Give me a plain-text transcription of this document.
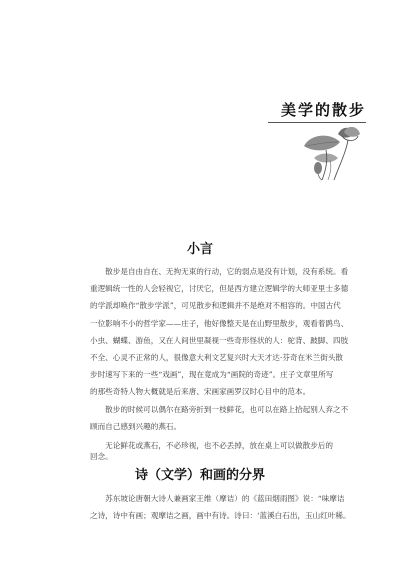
美学的散步
小言
　　散步是自由自在、无拘无束的行动，它的弱点是没有计划，没有系统。看
重逻辑统一性的人会轻视它，讨厌它，但是西方建立逻辑学的大师亚里士多德
的学派却唤作“散步学派”，可见散步和逻辑并不是绝对不相容的。中国古代
一位影响不小的哲学家——庄子，他好像整天是在山野里散步，观看着鹍鸟、
小虫、蝴蝶、游鱼，又在人间世里凝视一些奇形怪状的人：驼背、跛脚、四肢
不全、心灵不正常的人，很像意大利文艺复兴时大天才达·芬奇在米兰街头散
步时速写下来的一些“戏画”，现在竟成为“画院的奇迹”。庄子文章里所写
的那些奇特人物大概就是后来唐、宋画家画罗汉时心目中的范本。
　　散步的时候可以偶尔在路旁折到一枝鲜花，也可以在路上拾起别人弃之不
顾而自己感到兴趣的燕石。
　　无论鲜花或燕石，不必珍视，也不必丢掉，放在桌上可以做散步后的
诗（文学）和画的分界
　　苏东坡论唐朝大诗人兼画家王维（摩诘）的《蓝田烟雨图》说：“味摩诘
之诗，诗中有画；观摩诘之画，画中有诗。诗曰：‘蓝溪白石出，玉山红叶稀。
回念。
